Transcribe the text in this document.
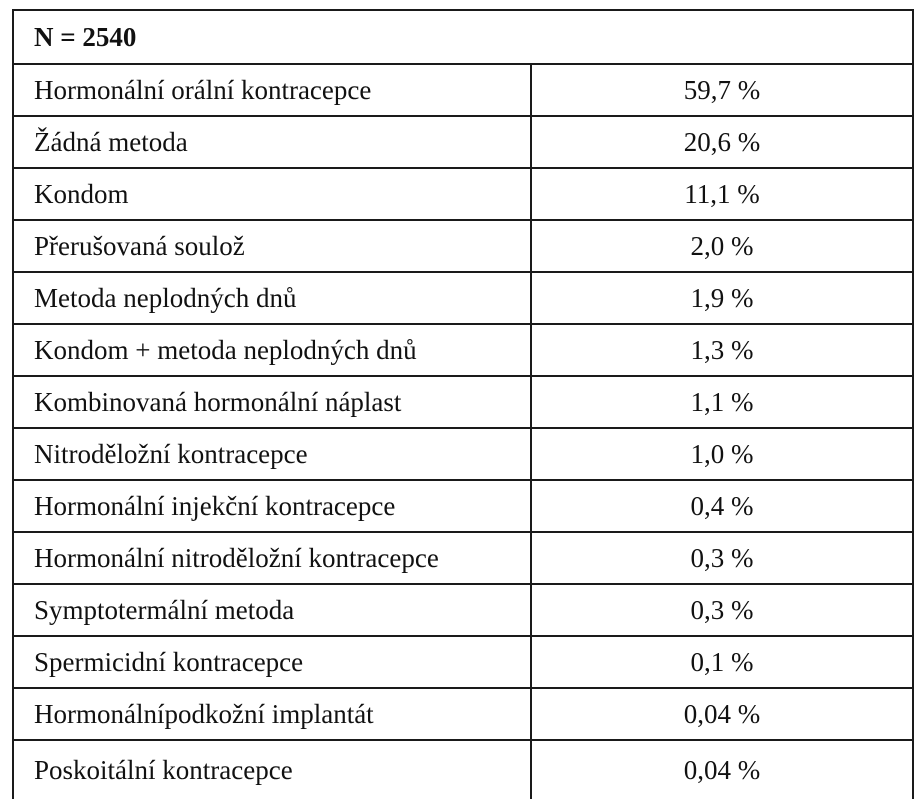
N = 2540	
Hormonální orální kontracepce	59,7 %
Žádná metoda	20,6 %
Kondom	11,1 %
Přerušovaná soulož	2,0 %
Metoda neplodných dnů	1,9 %
Kondom + metoda neplodných dnů	1,3 %
Kombinovaná hormonální náplast	1,1 %
Nitroděložní kontracepce	1,0 %
Hormonální injekční kontracepce	0,4 %
Hormonální nitroděložní kontracepce	0,3 %
Symptotermální metoda	0,3 %
Spermicidní kontracepce	0,1 %
Hormonálnípodkožní implantát	0,04 %
Poskoitální kontracepce	0,04 %
